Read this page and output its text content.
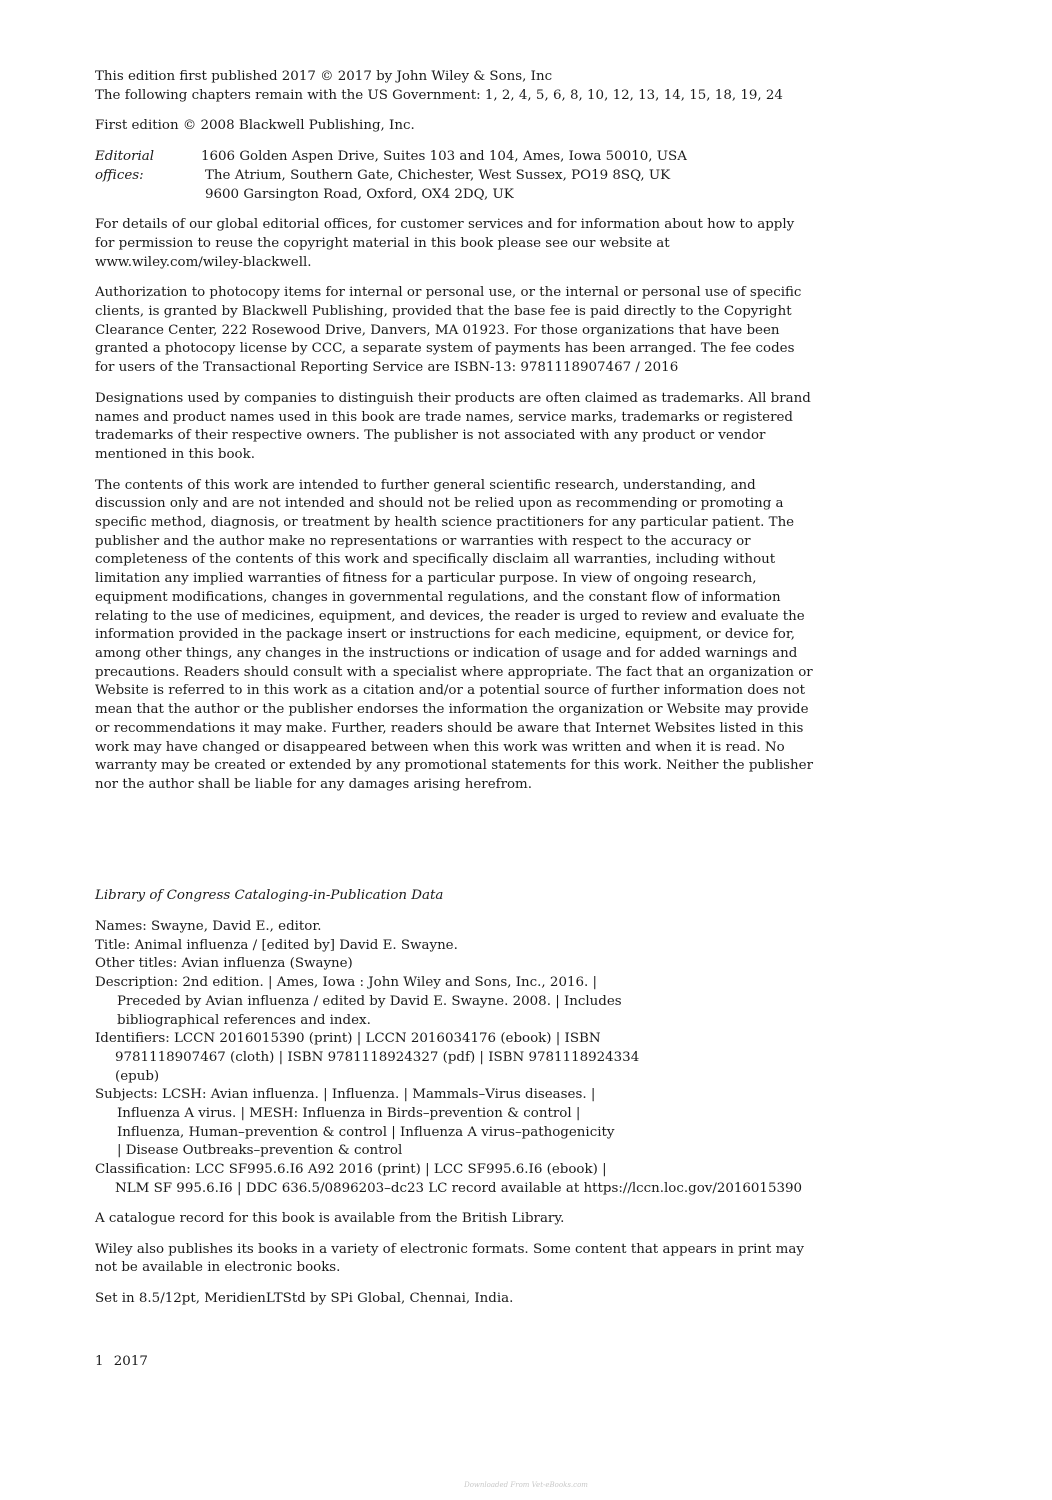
This edition first published 2017 © 2017 by John Wiley & Sons, Inc

The following chapters remain with the US Government: 1, 2, 4, 5, 6, 8, 10, 12, 13, 14, 15, 18, 19, 24

First edition © 2008 Blackwell Publishing, Inc.

Editorial offices:
1606 Golden Aspen Drive, Suites 103 and 104, Ames, Iowa 50010, USA
The Atrium, Southern Gate, Chichester, West Sussex, PO19 8SQ, UK
9600 Garsington Road, Oxford, OX4 2DQ, UK

For details of our global editorial offices, for customer services and for information about how to apply for permission to reuse the copyright material in this book please see our website at www.wiley.com/wiley-blackwell.

Authorization to photocopy items for internal or personal use, or the internal or personal use of specific clients, is granted by Blackwell Publishing, provided that the base fee is paid directly to the Copyright Clearance Center, 222 Rosewood Drive, Danvers, MA 01923. For those organizations that have been granted a photocopy license by CCC, a separate system of payments has been arranged. The fee codes for users of the Transactional Reporting Service are ISBN-13: 9781118907467 / 2016

Designations used by companies to distinguish their products are often claimed as trademarks. All brand names and product names used in this book are trade names, service marks, trademarks or registered trademarks of their respective owners. The publisher is not associated with any product or vendor mentioned in this book.

The contents of this work are intended to further general scientific research, understanding, and discussion only and are not intended and should not be relied upon as recommending or promoting a specific method, diagnosis, or treatment by health science practitioners for any particular patient. The publisher and the author make no representations or warranties with respect to the accuracy or completeness of the contents of this work and specifically disclaim all warranties, including without limitation any implied warranties of fitness for a particular purpose. In view of ongoing research, equipment modifications, changes in governmental regulations, and the constant flow of information relating to the use of medicines, equipment, and devices, the reader is urged to review and evaluate the information provided in the package insert or instructions for each medicine, equipment, or device for, among other things, any changes in the instructions or indication of usage and for added warnings and precautions. Readers should consult with a specialist where appropriate. The fact that an organization or Website is referred to in this work as a citation and/or a potential source of further information does not mean that the author or the publisher endorses the information the organization or Website may provide or recommendations it may make. Further, readers should be aware that Internet Websites listed in this work may have changed or disappeared between when this work was written and when it is read. No warranty may be created or extended by any promotional statements for this work. Neither the publisher nor the author shall be liable for any damages arising herefrom.

Library of Congress Cataloging-in-Publication Data
Names: Swayne, David E., editor.
Title: Animal influenza / [edited by] David E. Swayne.
Other titles: Avian influenza (Swayne)
Description: 2nd edition. | Ames, Iowa : John Wiley and Sons, Inc., 2016. |
Preceded by Avian influenza / edited by David E. Swayne. 2008. | Includes
bibliographical references and index.
Identifiers: LCCN 2016015390 (print) | LCCN 2016034176 (ebook) | ISBN
9781118907467 (cloth) | ISBN 9781118924327 (pdf) | ISBN 9781118924334
(epub)
Subjects: LCSH: Avian influenza. | Influenza. | Mammals–Virus diseases. |
Influenza A virus. | MESH: Influenza in Birds–prevention & control |
Influenza, Human–prevention & control | Influenza A virus–pathogenicity
| Disease Outbreaks–prevention & control
Classification: LCC SF995.6.I6 A92 2016 (print) | LCC SF995.6.I6 (ebook) |
NLM SF 995.6.I6 | DDC 636.5/0896203–dc23 LC record available at https://lccn.loc.gov/2016015390

A catalogue record for this book is available from the British Library.

Wiley also publishes its books in a variety of electronic formats. Some content that appears in print may not be available in electronic books.

Set in 8.5/12pt, MeridienLTStd by SPi Global, Chennai, India.

1 2017
Downloaded From Vet-eBooks.com
